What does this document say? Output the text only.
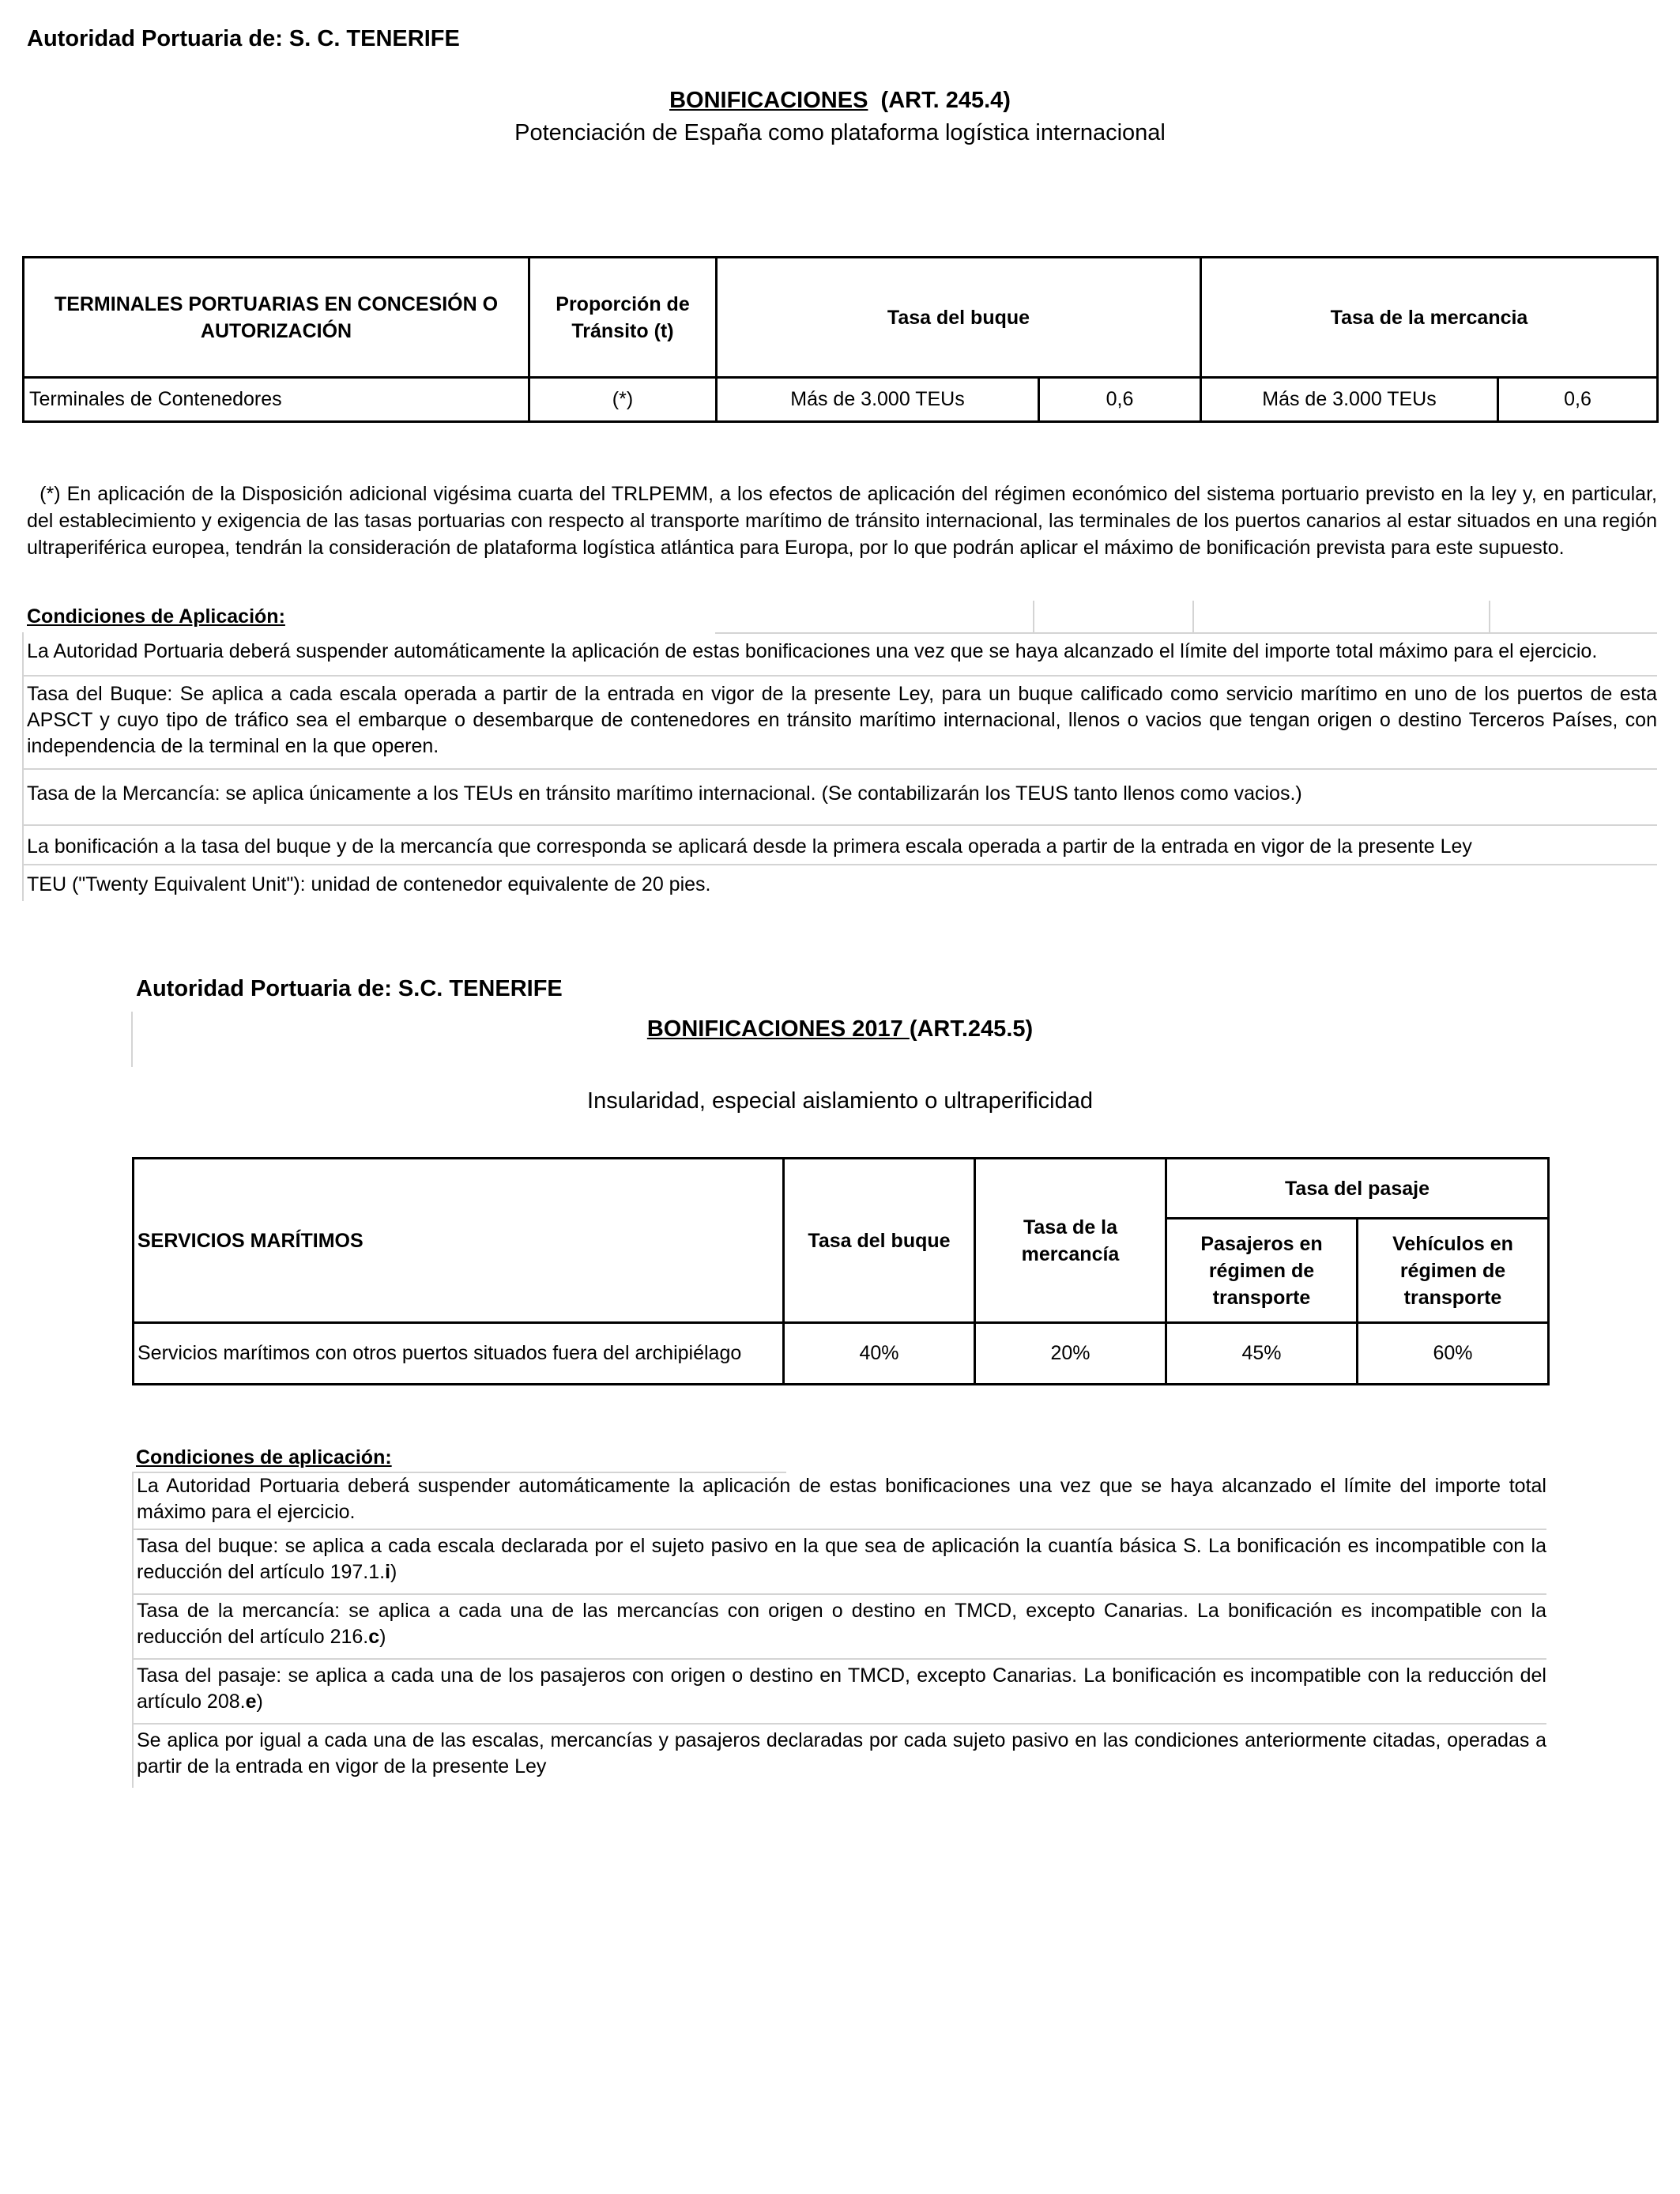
Autoridad Portuaria de: S. C. TENERIFE
BONIFICACIONES (ART. 245.4)
Potenciación de España como plataforma logística internacional
TERMINALES PORTUARIAS EN CONCESIÓN O AUTORIZACIÓN	Proporción de Tránsito (t)	Tasa del buque		Tasa de la mercancia	
Terminales de Contenedores	(*)	Más de 3.000 TEUs	0,6	Más de 3.000 TEUs	0,6
(*) En aplicación de la Disposición adicional vigésima cuarta del TRLPEMM, a los efectos de aplicación del régimen económico del sistema portuario previsto en la ley y, en particular, del establecimiento y exigencia de las tasas portuarias con respecto al transporte marítimo de tránsito internacional, las terminales de los puertos canarios al estar situados en una región ultraperiférica europea, tendrán la consideración de plataforma logística atlántica para Europa, por lo que podrán aplicar el máximo de bonificación prevista para este supuesto.
Condiciones de Aplicación:
La Autoridad Portuaria deberá suspender automáticamente la aplicación de estas bonificaciones una vez que se haya alcanzado el límite del importe total máximo para el ejercicio.
Tasa del Buque: Se aplica a cada escala operada a partir de la entrada en vigor de la presente Ley, para un buque calificado como servicio marítimo en uno de los puertos de esta APSCT y cuyo tipo de tráfico sea el embarque o desembarque de contenedores en tránsito marítimo internacional, llenos o vacios que tengan origen o destino Terceros Países, con independencia de la terminal en la que operen.
Tasa de la Mercancía: se aplica únicamente a los TEUs en tránsito marítimo internacional. (Se contabilizarán los TEUS tanto llenos como vacios.)
La bonificación a la tasa del buque y de la mercancía que corresponda se aplicará desde la primera escala operada a partir de la entrada en vigor de la presente Ley
TEU ("Twenty Equivalent Unit"): unidad de contenedor equivalente de 20 pies.
Autoridad Portuaria de: S.C. TENERIFE
BONIFICACIONES 2017 (ART.245.5)
Insularidad, especial aislamiento o ultraperificidad
SERVICIOS MARÍTIMOS	Tasa del buque	Tasa de la mercancía	Tasa del pasaje	
			Pasajeros en régimen de transporte	Vehículos en régimen de transporte
Servicios marítimos con otros puertos situados fuera del archipiélago	40%	20%	45%	60%
Condiciones de aplicación:
La Autoridad Portuaria deberá suspender automáticamente la aplicación de estas bonificaciones una vez que se haya alcanzado el límite del importe total máximo para el ejercicio.
Tasa del buque: se aplica a cada escala declarada por el sujeto pasivo en la que sea de aplicación la cuantía básica S. La bonificación es incompatible con la reducción del artículo 197.1.i)
Tasa de la mercancía: se aplica a cada una de las mercancías con origen o destino en TMCD, excepto Canarias. La bonificación es incompatible con la reducción del artículo 216.c)
Tasa del pasaje: se aplica a cada una de los pasajeros con origen o destino en TMCD, excepto Canarias. La bonificación es incompatible con la reducción del artículo 208.e)
Se aplica por igual a cada una de las escalas, mercancías y pasajeros declaradas por cada sujeto pasivo en las condiciones anteriormente citadas, operadas a partir de la entrada en vigor de la presente Ley
